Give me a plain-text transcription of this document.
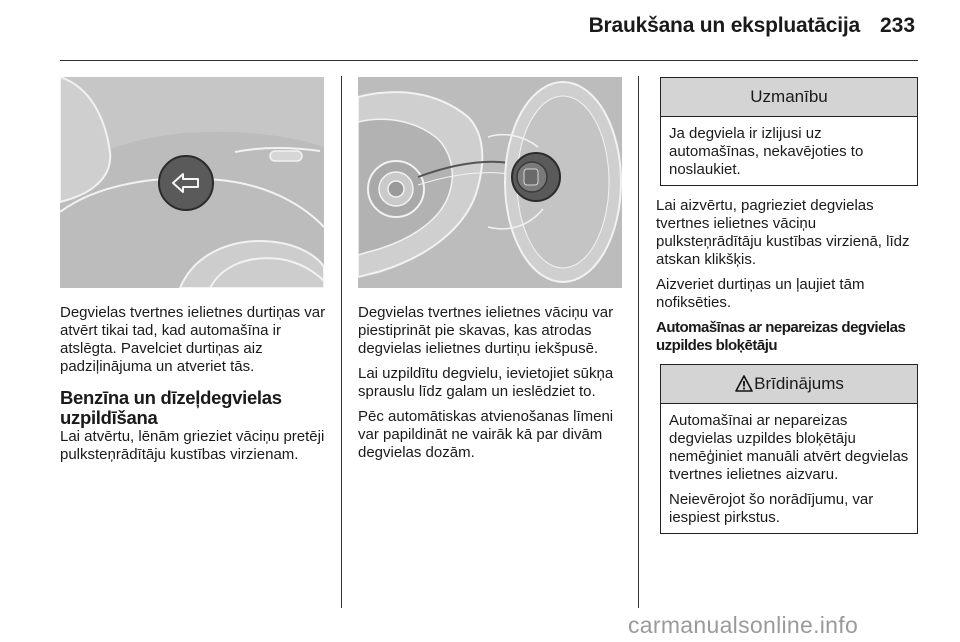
Braukšana un ekspluatācija 233

Degvielas tvertnes ielietnes durtiņas var atvērt tikai tad, kad automašīna ir atslēgta. Pavelciet durtiņas aiz padziļinājuma un atveriet tās.

Benzīna un dīzeļdegvielas uzpildīšana

Lai atvērtu, lēnām grieziet vāciņu pretēji pulksteņrādītāju kustības virzienam.

Degvielas tvertnes ielietnes vāciņu var piestiprināt pie skavas, kas atrodas degvielas ielietnes durtiņu iekšpusē.

Lai uzpildītu degvielu, ievietojiet sūkņa sprauslu līdz galam un ieslēdziet to.

Pēc automātiskas atvienošanas līmeni var papildināt ne vairāk kā par divām degvielas dozām.

Uzmanību

Ja degviela ir izlijusi uz automašīnas, nekavējoties to noslaukiet.

Lai aizvērtu, pagrieziet degvielas tvertnes ielietnes vāciņu pulksteņrādītāju kustības virzienā, līdz atskan klikšķis.

Aizveriet durtiņas un ļaujiet tām nofiksēties.

Automašīnas ar nepareizas degvielas uzpildes bloķētāju
Brīdinājums

Automašīnai ar nepareizas degvielas uzpildes bloķētāju nemēģiniet manuāli atvērt degvielas tvertnes ielietnes aizvaru.

Neievērojot šo norādījumu, var iespiest pirkstus.

carmanualsonline.info
